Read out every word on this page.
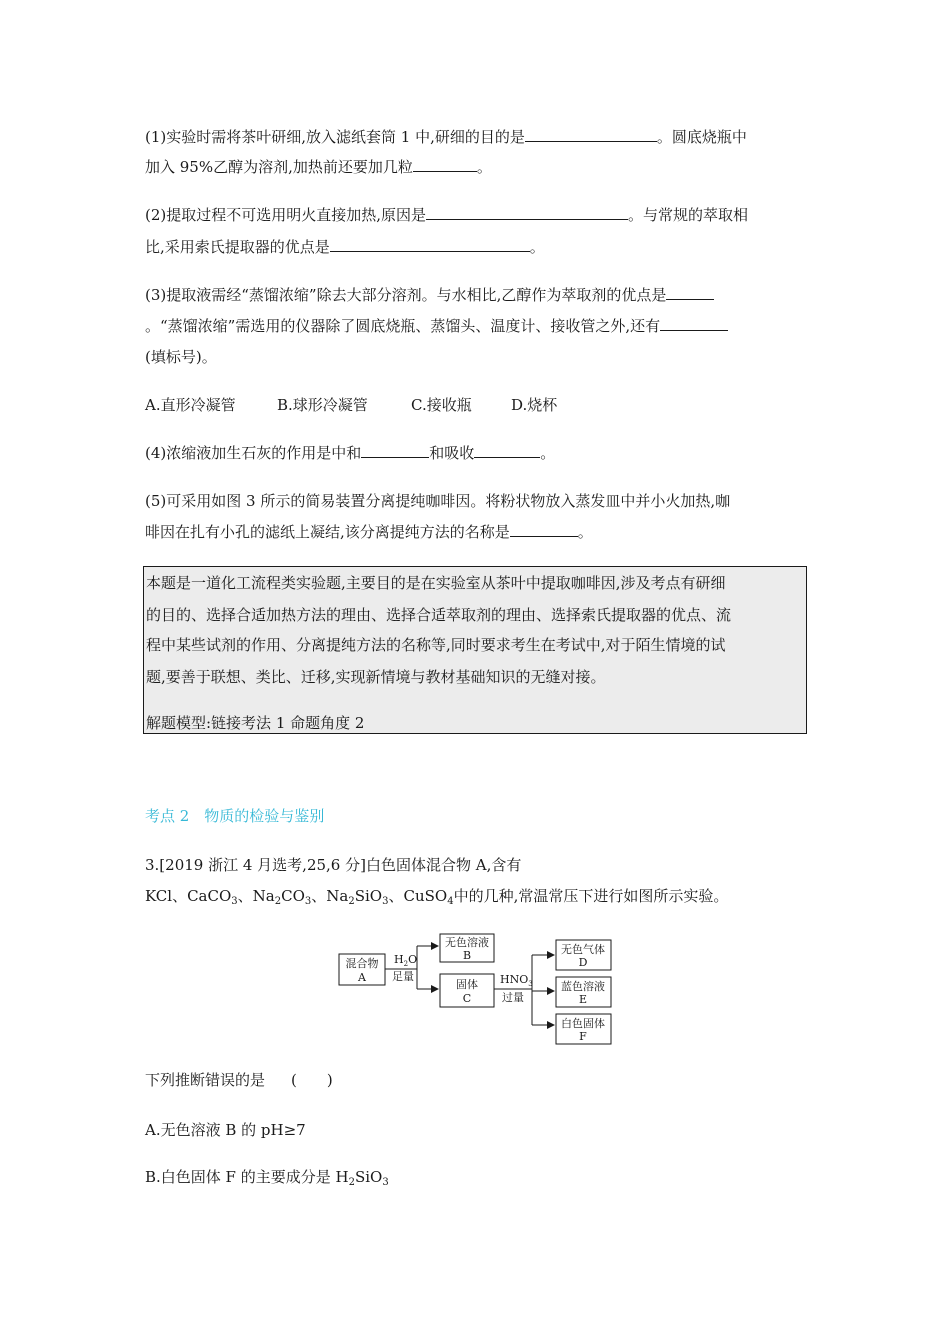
(1)实验时需将茶叶研细,放入滤纸套筒 1 中,研细的目的是	。圆底烧瓶中
加入 95%乙醇为溶剂,加热前还要加几粒	。
(2)提取过程不可选用明火直接加热,原因是	。与常规的萃取相
比,采用索氏提取器的优点是	。
(3)提取液需经“蒸馏浓缩”除去大部分溶剂。与水相比,乙醇作为萃取剂的优点是
。“蒸馏浓缩”需选用的仪器除了圆底烧瓶、蒸馏头、温度计、接收管之外,还有
(填标号)。
A.直形冷凝管	B.球形冷凝管	C.接收瓶	D.烧杯
(4)浓缩液加生石灰的作用是中和	和吸收	。
(5)可采用如图 3 所示的简易装置分离提纯咖啡因。将粉状物放入蒸发皿中并小火加热,咖
啡因在扎有小孔的滤纸上凝结,该分离提纯方法的名称是	。
本题是一道化工流程类实验题,主要目的是在实验室从茶叶中提取咖啡因,涉及考点有研细
的目的、选择合适加热方法的理由、选择合适萃取剂的理由、选择索氏提取器的优点、流
程中某些试剂的作用、分离提纯方法的名称等,同时要求考生在考试中,对于陌生情境的试
题,要善于联想、类比、迁移,实现新情境与教材基础知识的无缝对接。
解题模型:链接考法 1 命题角度 2
考点 2　物质的检验与鉴别
3.[2019 浙江 4 月选考,25,6 分]白色固体混合物 A,含有
KCl、CaCO$_3$、$Na_2CO_3$、$Na_2SiO_3$、CuSO$_4$中的几种,常温常压下进行如图所示实验。
混合物
A
$H_2O$
足量
无色溶液
B
固体
C
$HNO_3$
过量
无色气体
D
蓝色溶液
E
白色固体
F
下列推断错误的是 (　　)
A.无色溶液 B 的 pH≥7
B.白色固体 F 的主要成分是 $H_2SiO_3$
